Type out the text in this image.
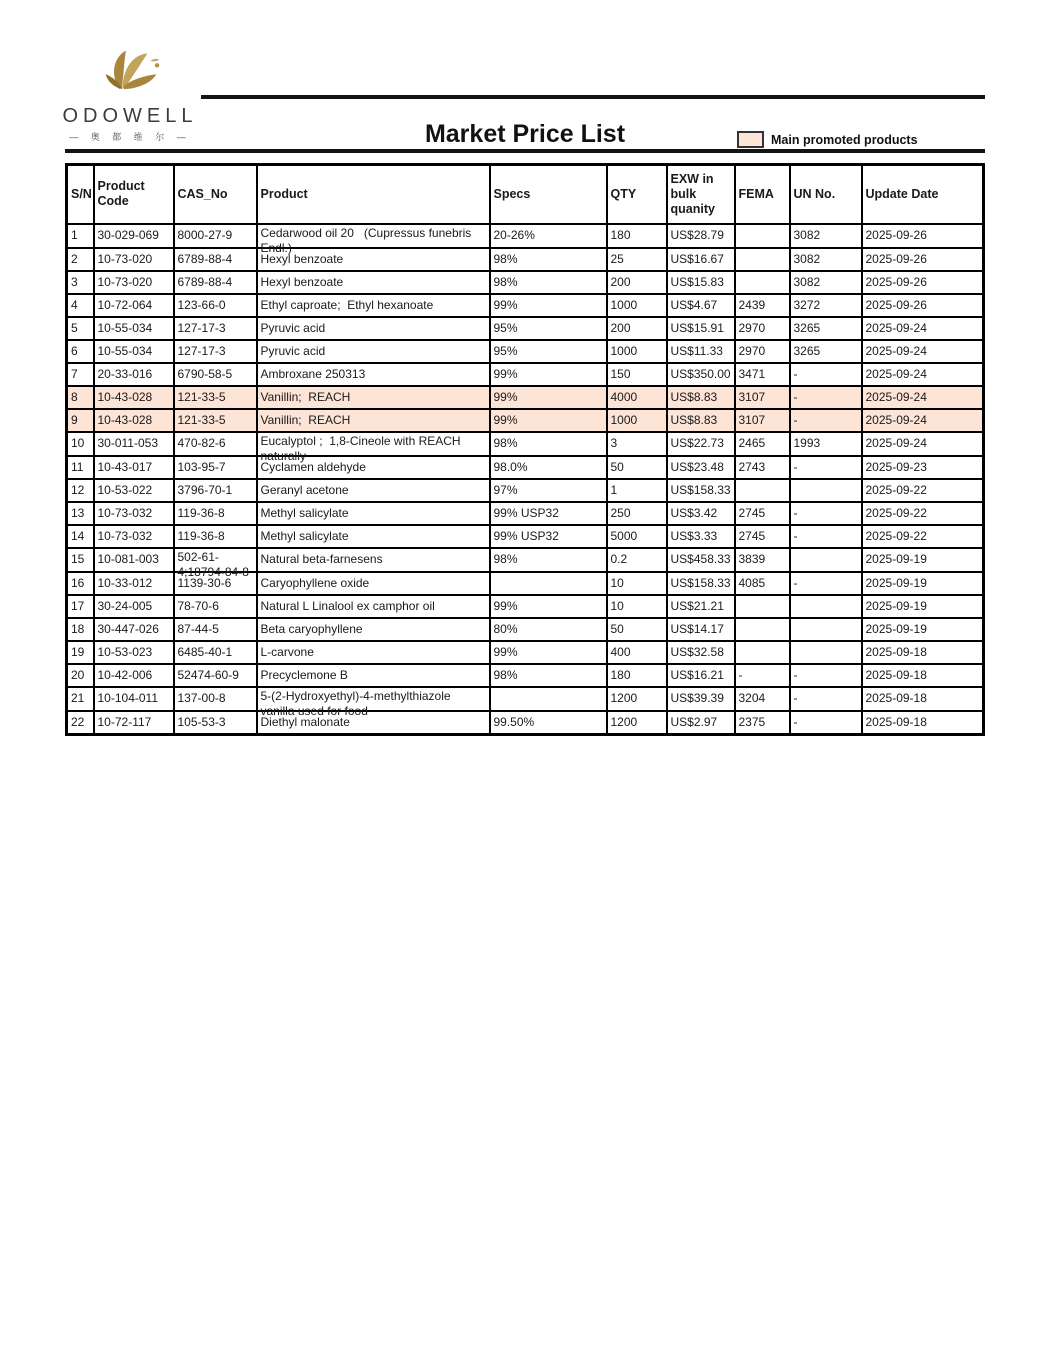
ODOWELL
— 奥 都 维 尔 —	Market Price List	Main promoted products
S/N	Product Code	CAS_No	Product	Specs	QTY	EXW in bulk quanity	FEMA	UN No.	Update Date

1	30-029-069	8000-27-9	Cedarwood oil 20   (Cupressus funebris
Endl.)	20-26%	180	US$28.79		3082	2025-09-26

2	10-73-020	6789-88-4	Hexyl benzoate	98%	25	US$16.67		3082	2025-09-26

3	10-73-020	6789-88-4	Hexyl benzoate	98%	200	US$15.83		3082	2025-09-26

4	10-72-064	123-66-0	Ethyl caproate;  Ethyl hexanoate	99%	1000	US$4.67	2439	3272	2025-09-26

5	10-55-034	127-17-3	Pyruvic acid	95%	200	US$15.91	2970	3265	2025-09-24

6	10-55-034	127-17-3	Pyruvic acid	95%	1000	US$11.33	2970	3265	2025-09-24

7	20-33-016	6790-58-5	Ambroxane 250313	99%	150	US$350.00	3471	-	2025-09-24

8	10-43-028	121-33-5	Vanillin;  REACH	99%	4000	US$8.83	3107	-	2025-09-24

9	10-43-028	121-33-5	Vanillin;  REACH	99%	1000	US$8.83	3107	-	2025-09-24

10	30-011-053	470-82-6	Eucalyptol ;  1,8-Cineole with REACH
naturally	98%	3	US$22.73	2465	1993	2025-09-24

11	10-43-017	103-95-7	Cyclamen aldehyde	98.0%	50	US$23.48	2743	-	2025-09-23

12	10-53-022	3796-70-1	Geranyl acetone	97%	1	US$158.33			2025-09-22

13	10-73-032	119-36-8	Methyl salicylate	99% USP32	250	US$3.42	2745	-	2025-09-22

14	10-73-032	119-36-8	Methyl salicylate	99% USP32	5000	US$3.33	2745	-	2025-09-22

15	10-081-003	502-61-
4;18794-84-8	Natural beta-farnesens	98%	0.2	US$458.33	3839		2025-09-19

16	10-33-012	1139-30-6	Caryophyllene oxide		10	US$158.33	4085	-	2025-09-19

17	30-24-005	78-70-6	Natural L Linalool ex camphor oil	99%	10	US$21.21			2025-09-19

18	30-447-026	87-44-5	Beta caryophyllene	80%	50	US$14.17			2025-09-19

19	10-53-023	6485-40-1	L-carvone	99%	400	US$32.58			2025-09-18

20	10-42-006	52474-60-9	Precyclemone B	98%	180	US$16.21	-	-	2025-09-18

21	10-104-011	137-00-8	5-(2-Hydroxyethyl)-4-methylthiazole
vanilla used for food		1200	US$39.39	3204	-	2025-09-18

22	10-72-117	105-53-3	Diethyl malonate	99.50%	1200	US$2.97	2375	-	2025-09-18
